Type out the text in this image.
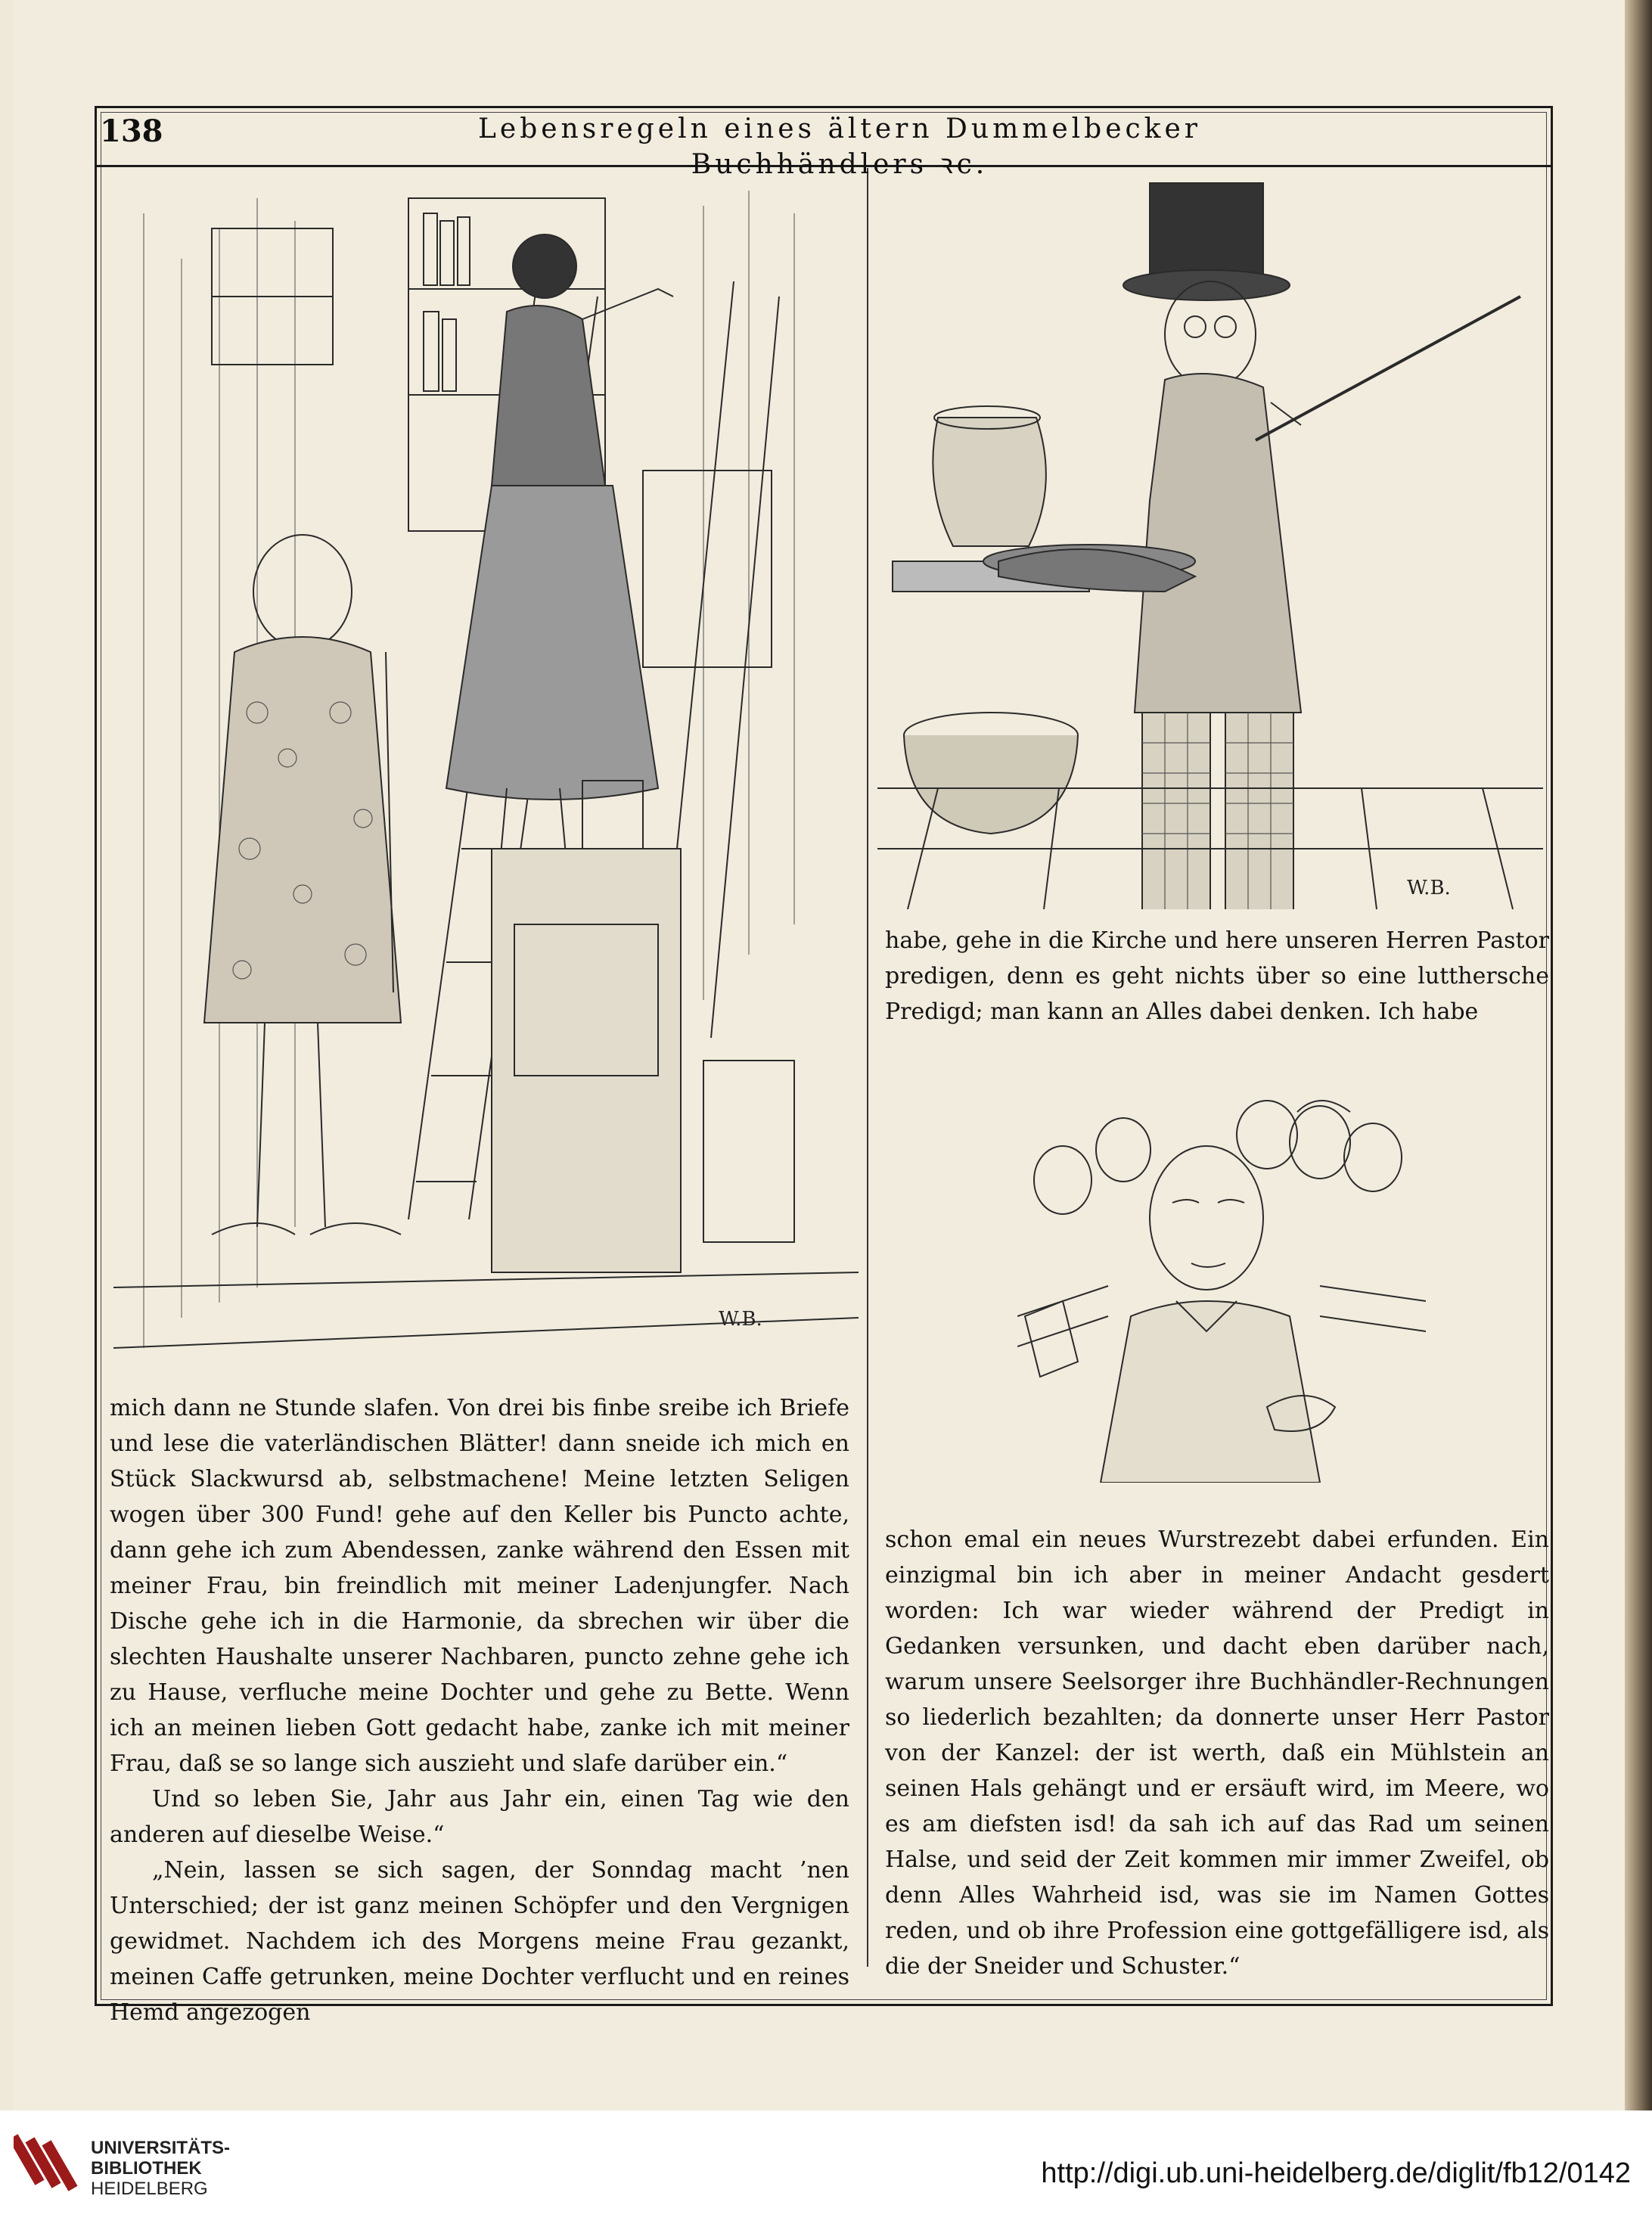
138	Lebensregeln eines ältern Dummelbecker Buchhändlers ꝛc.
W.B.
W.B.

mich dann ne Stunde slafen. Von drei bis finbe sreibe ich Briefe und lese die vaterländischen Blätter! dann sneide ich mich en Stück Slackwursd ab, selbstmachene! Meine letzten Seligen wogen über 300 Fund! gehe auf den Keller bis Puncto achte, dann gehe ich zum Abendessen, zanke während den Essen mit meiner Frau, bin freindlich mit meiner Ladenjungfer. Nach Dische gehe ich in die Harmonie, da sbrechen wir über die slechten Haushalte unserer Nachbaren, puncto zehne gehe ich zu Hause, verfluche meine Dochter und gehe zu Bette. Wenn ich an meinen lieben Gott gedacht habe, zanke ich mit meiner Frau, daß se so lange sich auszieht und slafe darüber ein.“

Und so leben Sie, Jahr aus Jahr ein, einen Tag wie den anderen auf dieselbe Weise.“

„Nein, lassen se sich sagen, der Sonndag macht ’nen Unterschied; der ist ganz meinen Schöpfer und den Vergnigen gewidmet. Nachdem ich des Morgens meine Frau gezankt, meinen Caffe getrunken, meine Dochter verflucht und en reines Hemd angezogen

habe, gehe in die Kirche und here unseren Herren Pastor predigen, denn es geht nichts über so eine lutthersche Predigd; man kann an Alles dabei denken. Ich habe

schon emal ein neues Wurstrezebt dabei erfunden. Ein einzigmal bin ich aber in meiner Andacht gesdert worden: Ich war wieder während der Predigt in Gedanken versunken, und dacht eben darüber nach, warum unsere Seelsorger ihre Buchhändler-Rechnungen so liederlich bezahlten; da donnerte unser Herr Pastor von der Kanzel: der ist werth, daß ein Mühlstein an seinen Hals gehängt und er ersäuft wird, im Meere, wo es am diefsten isd! da sah ich auf das Rad um seinen Halse, und seid der Zeit kommen mir immer Zweifel, ob denn Alles Wahrheid isd, was sie im Namen Gottes reden, und ob ihre Profession eine gottgefälligere isd, als die der Sneider und Schuster.“

UNIVERSITÄTS-
BIBLIOTHEK
HEIDELBERG	http://digi.ub.uni-heidelberg.de/diglit/fb12/0142
